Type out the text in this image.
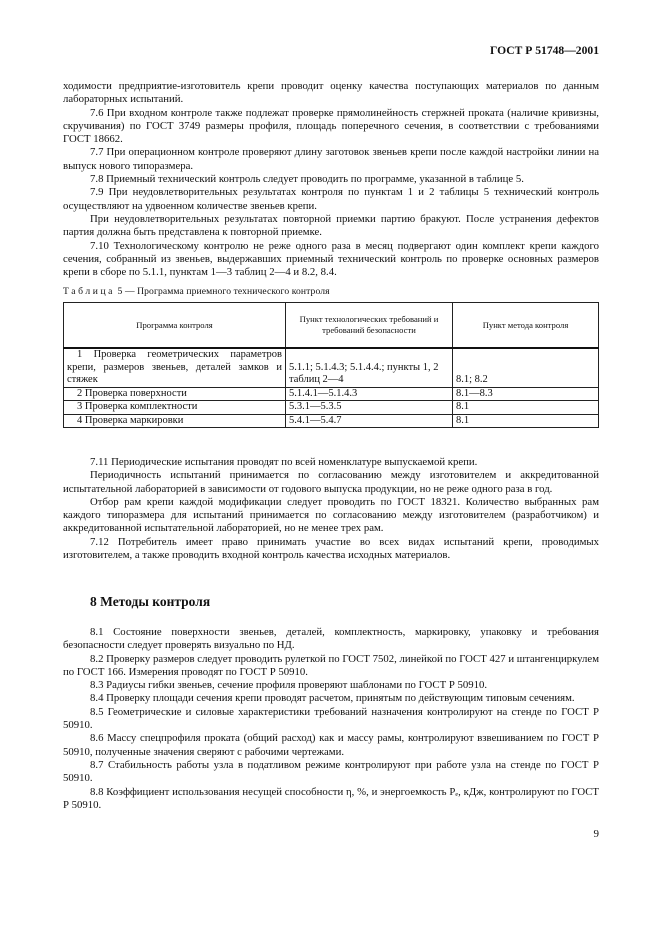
ГОСТ Р 51748—2001

ходимости предприятие-изготовитель крепи проводит оценку качества поступающих материалов по данным лабораторных испытаний.

7.6 При входном контроле также подлежат проверке прямолинейность стержней проката (наличие кривизны, скручивания) по ГОСТ 3749 размеры профиля, площадь поперечного сечения, в соответствии с требованиями ГОСТ 18662.

7.7 При операционном контроле проверяют длину заготовок звеньев крепи после каждой настройки линии на выпуск нового типоразмера.

7.8 Приемный технический контроль следует проводить по программе, указанной в таблице 5.

7.9 При неудовлетворительных результатах контроля по пунктам 1 и 2 таблицы 5 технический контроль осуществляют на удвоенном количестве звеньев крепи.

При неудовлетворительных результатах повторной приемки партию бракуют. После устранения дефектов партия должна быть представлена к повторной приемке.

7.10 Технологическому контролю не реже одного раза в месяц подвергают один комплект крепи каждого сечения, собранный из звеньев, выдержавших приемный технический контроль по проверке основных размеров крепи в сборе по 5.1.1, пунктам 1—3 таблиц 2—4 и 8.2, 8.4.

Таблица 5 — Программа приемного технического контроля
Программа контроля	Пункт технологических требований и требований безопасности	Пункт метода контроля
1 Проверка геометрических параметров крепи, размеров звеньев, деталей замков и стяжек	5.1.1; 5.1.4.3; 5.1.4.4.; пункты 1, 2 таблиц 2—4	8.1; 8.2
2 Проверка поверхности	5.1.4.1—5.1.4.3	8.1—8.3
3 Проверка комплектности	5.3.1—5.3.5	8.1
4 Проверка маркировки	5.4.1—5.4.7	8.1

7.11 Периодические испытания проводят по всей номенклатуре выпускаемой крепи.

Периодичность испытаний принимается по согласованию между изготовителем и аккредитованной испытательной лабораторией в зависимости от годового выпуска продукции, но не реже одного раза в год.

Отбор рам крепи каждой модификации следует проводить по ГОСТ 18321. Количество выбранных рам каждого типоразмера для испытаний принимается по согласованию между изготовителем (разработчиком) и аккредитованной испытательной лабораторией, но не менее трех рам.

7.12 Потребитель имеет право принимать участие во всех видах испытаний крепи, проводимых изготовителем, а также проводить входной контроль качества исходных материалов.

8 Методы контроля

8.1 Состояние поверхности звеньев, деталей, комплектность, маркировку, упаковку и требования безопасности следует проверять визуально по НД.

8.2 Проверку размеров следует проводить рулеткой по ГОСТ 7502, линейкой по ГОСТ 427 и штангенциркулем по ГОСТ 166. Измерения проводят по ГОСТ Р 50910.

8.3 Радиусы гибки звеньев, сечение профиля проверяют шаблонами по ГОСТ Р 50910.

8.4 Проверку площади сечения крепи проводят расчетом, принятым по действующим типовым сечениям.

8.5 Геометрические и силовые характеристики требований назначения контролируют на стенде по ГОСТ Р 50910.

8.6 Массу спецпрофиля проката (общий расход) как и массу рамы, контролируют взвешиванием по ГОСТ Р 50910, полученные значения сверяют с рабочими чертежами.

8.7 Стабильность работы узла в податливом режиме контролируют при работе узла на стенде по ГОСТ Р 50910.

8.8 Коэффициент использования несущей способности η, %, и энергоемкость Pₑ, кДж, контролируют по ГОСТ Р 50910.

9
